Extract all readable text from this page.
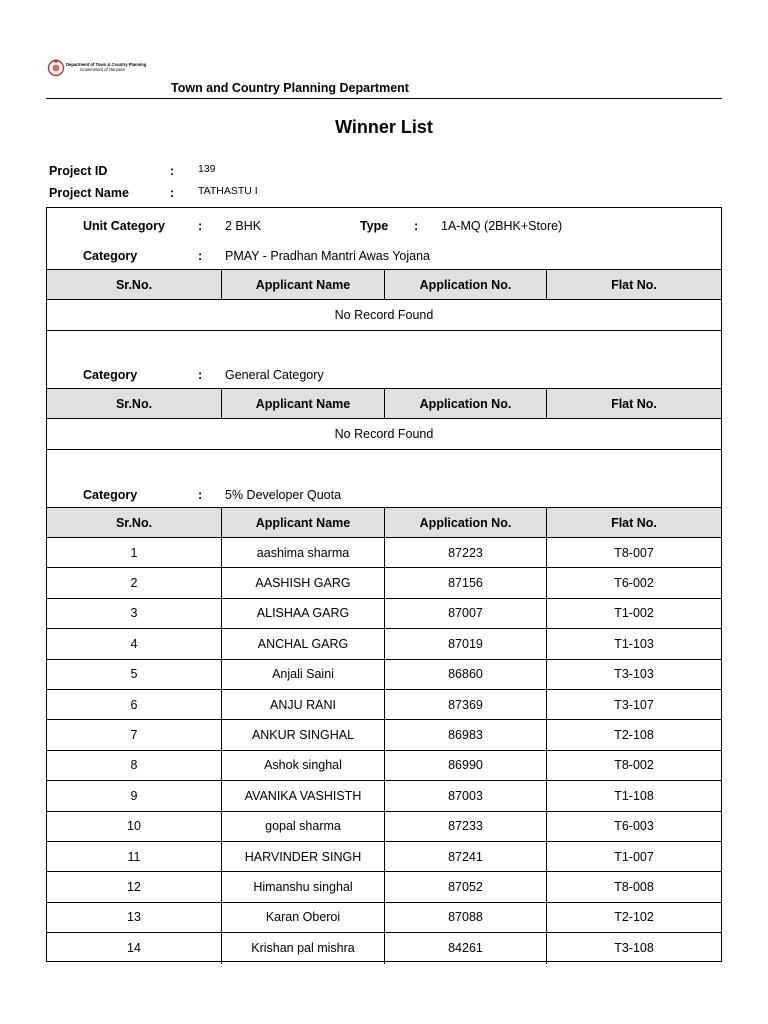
Department of Town & Country Planning
Government of Haryana
Town and Country Planning Department
Winner List
Project ID	: 139
Project Name	: TATHASTU I
Unit Category	: 2 BHK	Type : 1A-MQ (2BHK+Store)
Category	: PMAY - Pradhan Mantri Awas Yojana
Sr.No.	Applicant Name	Application No.	Flat No.
No Record Found
Category	: General Category
Sr.No.	Applicant Name	Application No.	Flat No.
No Record Found
Category	: 5% Developer Quota
Sr.No.	Applicant Name	Application No.	Flat No.
1	aashima sharma	87223	T8-007
2	AASHISH GARG	87156	T6-002
3	ALISHAA GARG	87007	T1-002
4	ANCHAL GARG	87019	T1-103
5	Anjali Saini	86860	T3-103
6	ANJU RANI	87369	T3-107
7	ANKUR SINGHAL	86983	T2-108
8	Ashok singhal	86990	T8-002
9	AVANIKA VASHISTH	87003	T1-108
10	gopal sharma	87233	T6-003
11	HARVINDER SINGH	87241	T1-007
12	Himanshu singhal	87052	T8-008
13	Karan Oberoi	87088	T2-102
14	Krishan pal mishra	84261	T3-108
